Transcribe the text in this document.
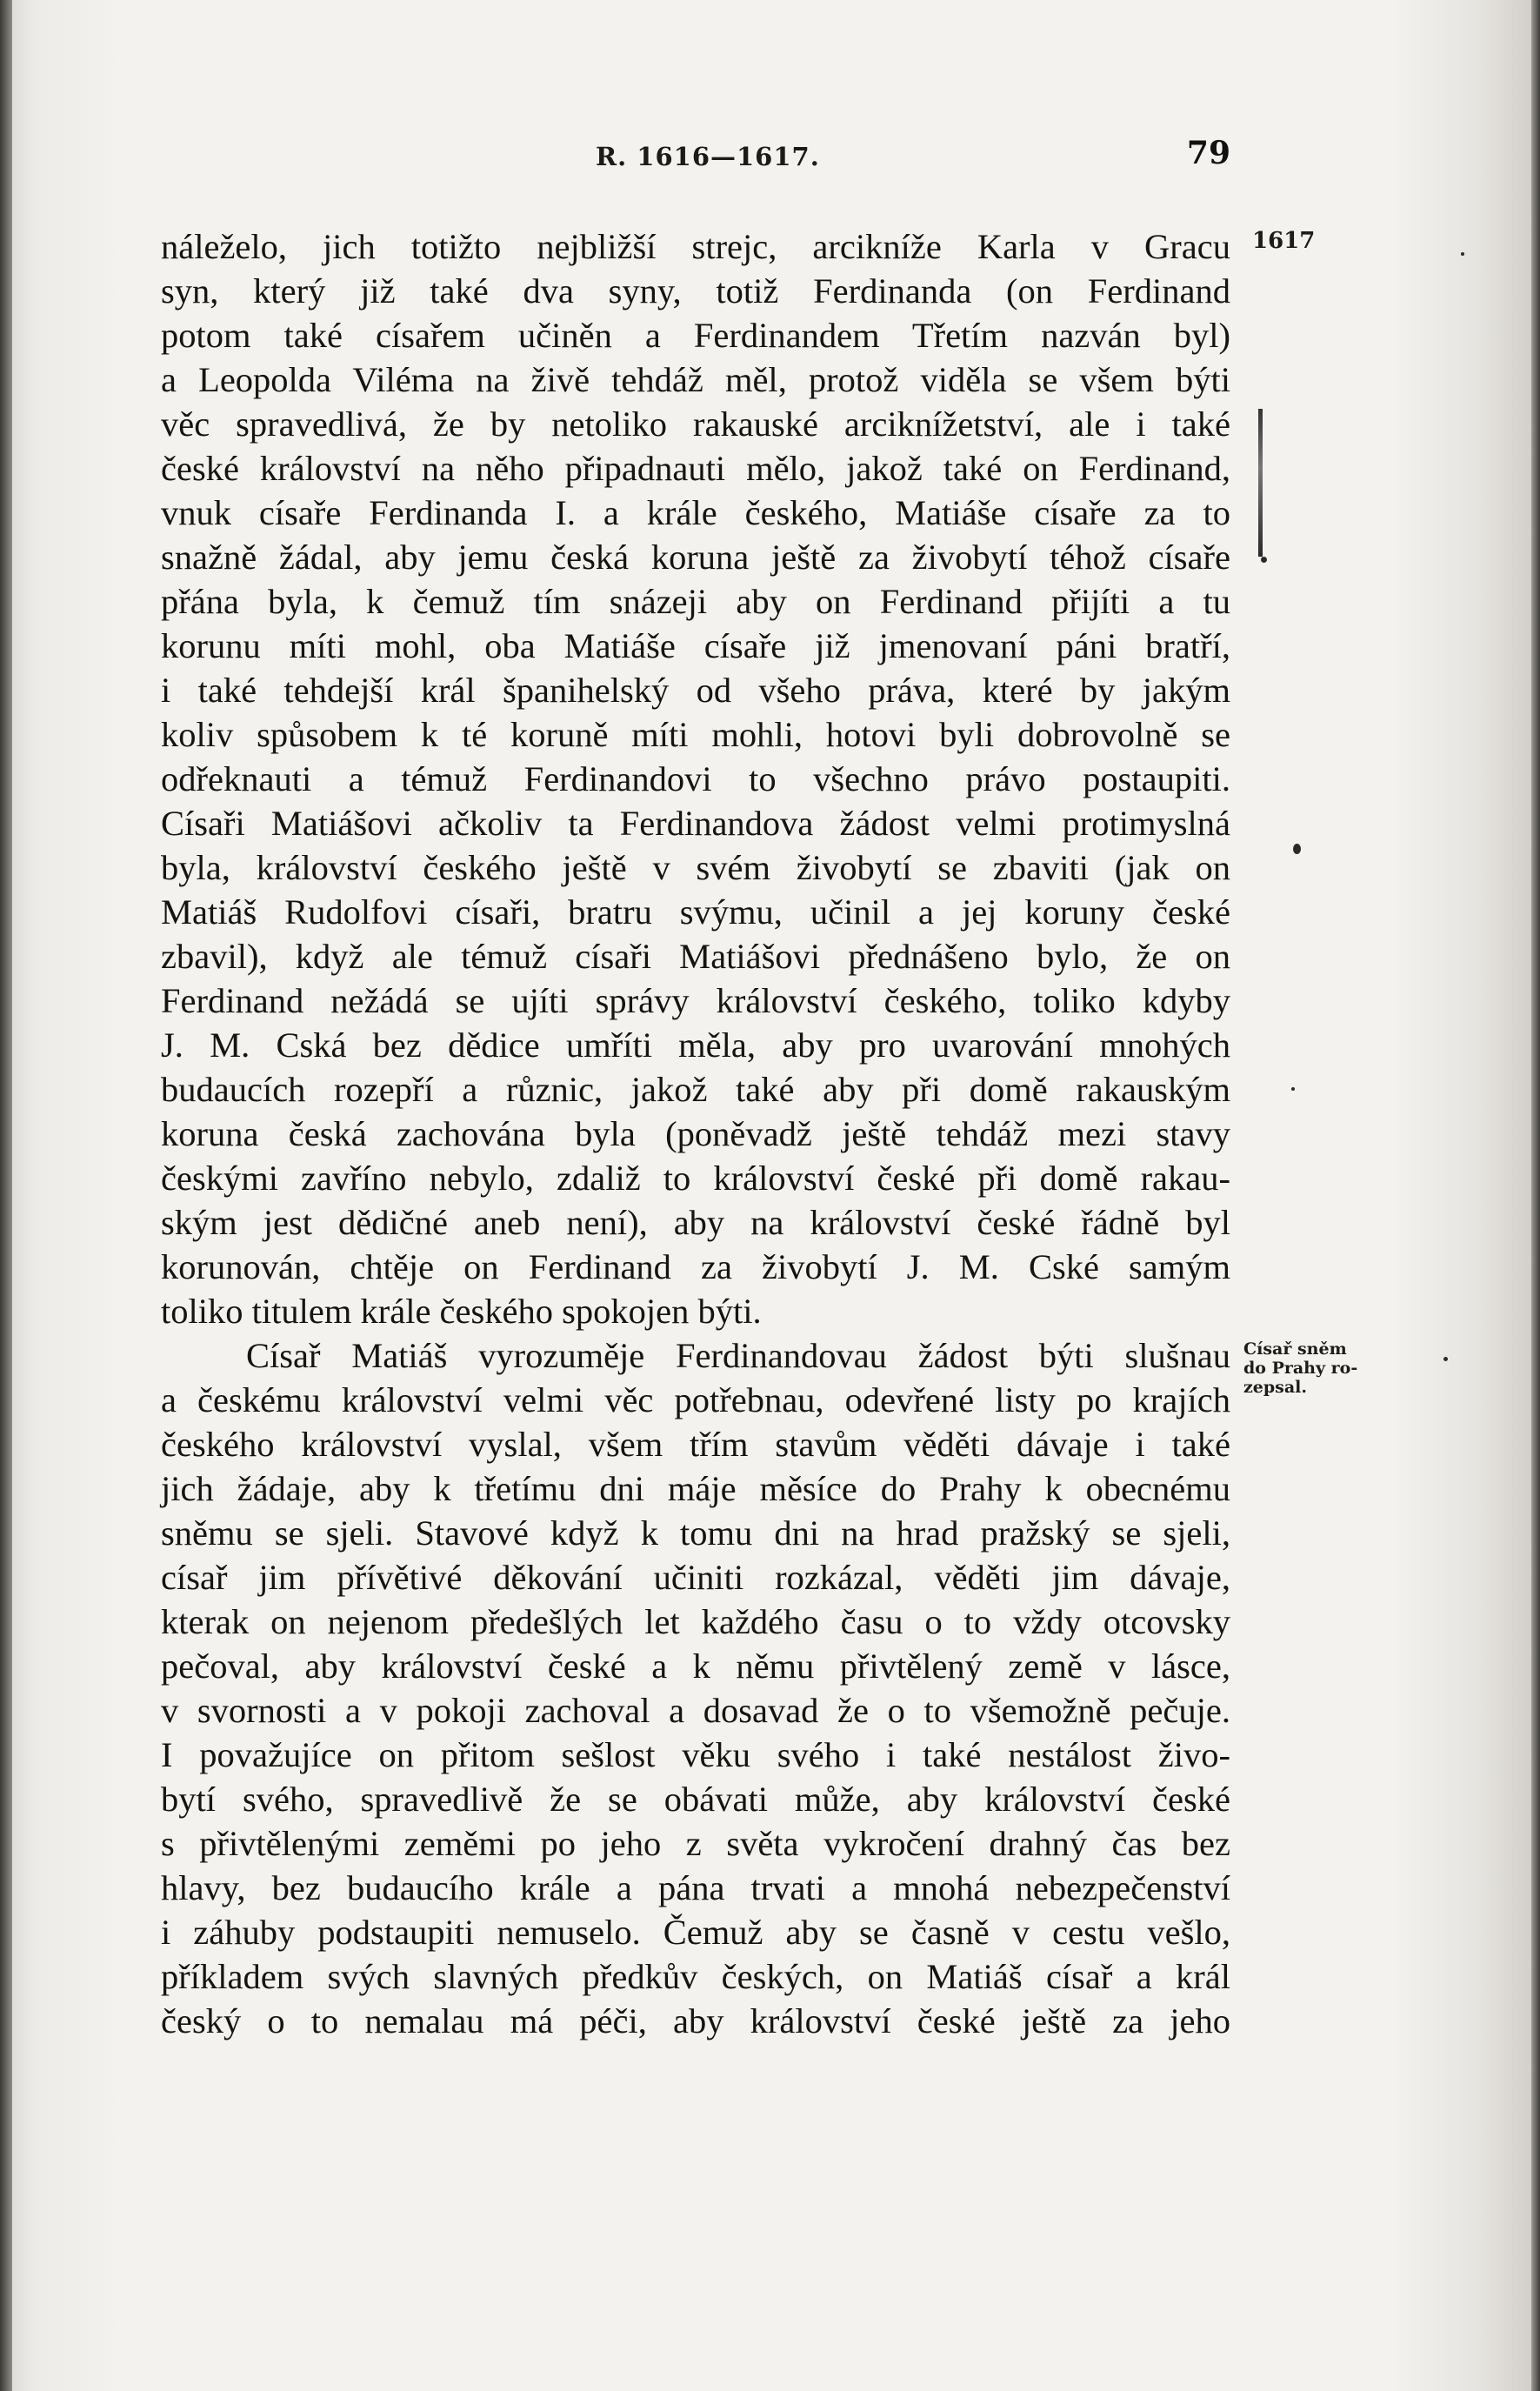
R. 1616—1617.	79
1617
Císař sněm
do Prahy ro-
zepsal.
náleželo, jich totižto nejbližší strejc, arcikníže Karla v Gracu
syn, který již také dva syny, totiž Ferdinanda (on Ferdinand
potom také císařem učiněn a Ferdinandem Třetím nazván byl)
a Leopolda Viléma na živě tehdáž měl, protož viděla se všem býti
věc spravedlivá, že by netoliko rakauské arciknížetství, ale i také
české království na něho připadnauti mělo, jakož také on Ferdinand,
vnuk císaře Ferdinanda I. a krále českého, Matiáše císaře za to
snažně žádal, aby jemu česká koruna ještě za živobytí téhož císaře
přána byla, k čemuž tím snázeji aby on Ferdinand přijíti a tu
korunu míti mohl, oba Matiáše císaře již jmenovaní páni bratří,
i také tehdejší král španihelský od všeho práva, které by jakým
koliv spůsobem k té koruně míti mohli, hotovi byli dobrovolně se
odřeknauti a témuž Ferdinandovi to všechno právo postaupiti.
Císaři Matiášovi ačkoliv ta Ferdinandova žádost velmi protimyslná
byla, království českého ještě v svém živobytí se zbaviti (jak on
Matiáš Rudolfovi císaři, bratru svýmu, učinil a jej koruny české
zbavil), když ale témuž císaři Matiášovi přednášeno bylo, že on
Ferdinand nežádá se ujíti správy království českého, toliko kdyby
J. M. Cská bez dědice umříti měla, aby pro uvarování mnohých
budaucích rozepří a různic, jakož také aby při domě rakauským
koruna česká zachována byla (poněvadž ještě tehdáž mezi stavy
českými zavříno nebylo, zdaliž to království české při domě rakau-
ským jest dědičné aneb není), aby na království české řádně byl
korunován, chtěje on Ferdinand za živobytí J. M. Cské samým
toliko titulem krále českého spokojen býti.
Císař Matiáš vyrozuměje Ferdinandovau žádost býti slušnau
a českému království velmi věc potřebnau, odevřené listy po krajích
českého království vyslal, všem třím stavům věděti dávaje i také
jich žádaje, aby k třetímu dni máje měsíce do Prahy k obecnému
sněmu se sjeli. Stavové když k tomu dni na hrad pražský se sjeli,
císař jim přívětivé děkování učiniti rozkázal, věděti jim dávaje,
kterak on nejenom předešlých let každého času o to vždy otcovsky
pečoval, aby království české a k němu přivtělený země v lásce,
v svornosti a v pokoji zachoval a dosavad že o to všemožně pečuje.
I považujíce on přitom sešlost věku svého i také nestálost živo-
bytí svého, spravedlivě že se obávati může, aby království české
s přivtělenými zeměmi po jeho z světa vykročení drahný čas bez
hlavy, bez budaucího krále a pána trvati a mnohá nebezpečenství
i záhuby podstaupiti nemuselo. Čemuž aby se časně v cestu vešlo,
příkladem svých slavných předkův českých, on Matiáš císař a král
český o to nemalau má péči, aby království české ještě za jeho
